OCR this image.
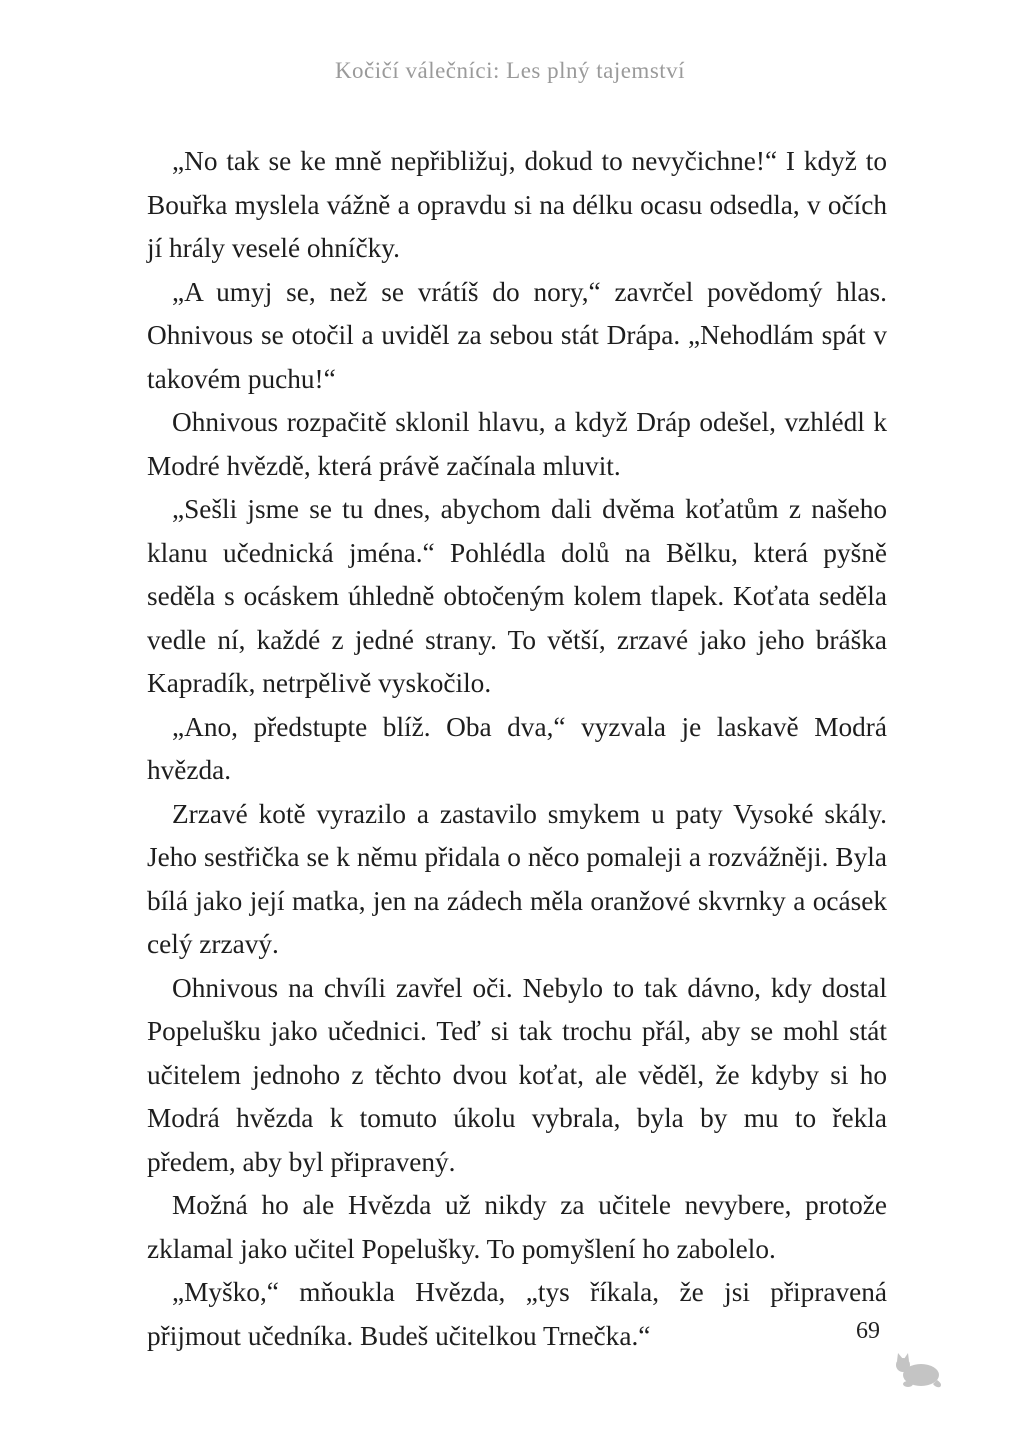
Kočičí válečníci: Les plný tajemství

„No tak se ke mně nepřibližuj, dokud to nevyčichne!“ I když to Bouřka myslela vážně a opravdu si na délku ocasu odsedla, v očích jí hrály veselé ohníčky.

„A umyj se, než se vrátíš do nory,“ zavrčel povědomý hlas. Ohnivous se otočil a uviděl za sebou stát Drápa. „Nehodlám spát v takovém puchu!“

Ohnivous rozpačitě sklonil hlavu, a když Dráp odešel, vzhlédl k Modré hvězdě, která právě začínala mluvit.

„Sešli jsme se tu dnes, abychom dali dvěma koťatům z našeho klanu učednická jména.“ Pohlédla dolů na Bělku, která pyšně seděla s ocáskem úhledně obtočeným kolem tlapek. Koťata seděla vedle ní, každé z jedné strany. To větší, zrzavé jako jeho bráška Kapradík, netrpělivě vyskočilo.

„Ano, předstupte blíž. Oba dva,“ vyzvala je laskavě Modrá hvězda.

Zrzavé kotě vyrazilo a zastavilo smykem u paty Vysoké skály. Jeho sestřička se k němu přidala o něco pomaleji a rozvážněji. Byla bílá jako její matka, jen na zádech měla oranžové skvrnky a ocásek celý zrzavý.

Ohnivous na chvíli zavřel oči. Nebylo to tak dávno, kdy dostal Popelušku jako učednici. Teď si tak trochu přál, aby se mohl stát učitelem jednoho z těchto dvou koťat, ale věděl, že kdyby si ho Modrá hvězda k tomuto úkolu vybrala, byla by mu to řekla předem, aby byl připravený.

Možná ho ale Hvězda už nikdy za učitele nevybere, protože zklamal jako učitel Popelušky. To pomyšlení ho zabolelo.

„Myško,“ mňoukla Hvězda, „tys říkala, že jsi připravená přijmout učedníka. Budeš učitelkou Trnečka.“	69
